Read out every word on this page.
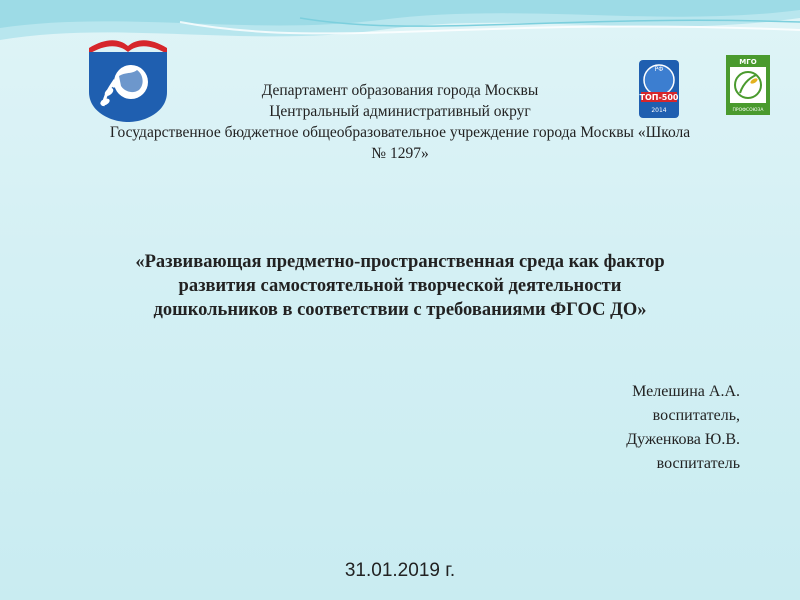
РФ
ТОП-500
2014
МГО
ПРОФСОЮЗА
Департамент образования города Москвы
Центральный административный округ
Государственное бюджетное общеобразовательное учреждение города Москвы «Школа
№ 1297»
«Развивающая предметно-пространственная среда как фактор
развития самостоятельной творческой деятельности
дошкольников в соответствии с требованиями ФГОС ДО»
Мелешина А.А.
воспитатель,
Дуженкова Ю.В.
воспитатель
31.01.2019 г.
